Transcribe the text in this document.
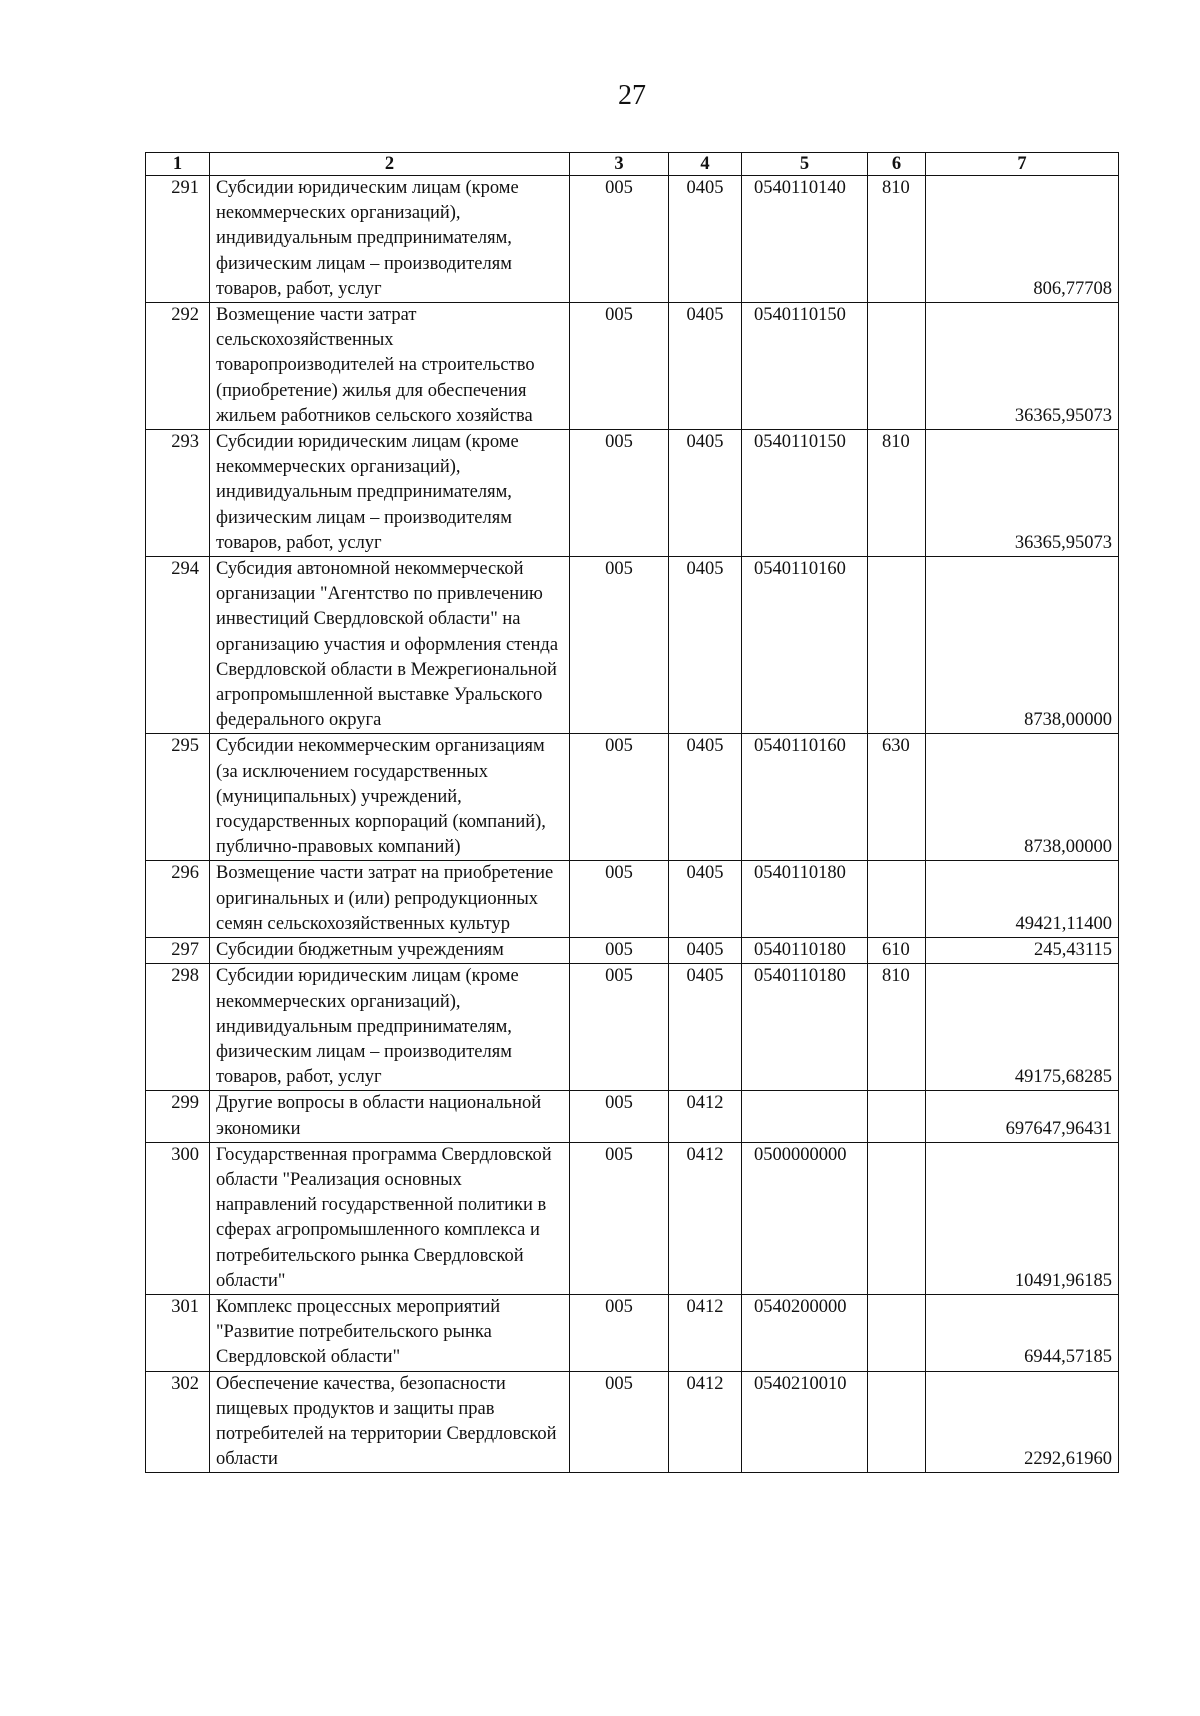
27
1	2	3	4	5	6	7
291	Субсидии юридическим лицам (кроме некоммерческих организаций), индивидуальным предпринимателям, физическим лицам – производителям товаров, работ, услуг	005	0405	0540110140	810	806,77708
292	Возмещение части затрат сельскохозяйственных товаропроизводителей на строительство (приобретение) жилья для обеспечения жильем работников сельского хозяйства	005	0405	0540110150		36365,95073
293	Субсидии юридическим лицам (кроме некоммерческих организаций), индивидуальным предпринимателям, физическим лицам – производителям товаров, работ, услуг	005	0405	0540110150	810	36365,95073
294	Субсидия автономной некоммерческой организации "Агентство по привлечению инвестиций Свердловской области" на организацию участия и оформления стенда Свердловской области в Межрегиональной агропромышленной выставке Уральского федерального округа	005	0405	0540110160		8738,00000
295	Субсидии некоммерческим организациям (за исключением государственных (муниципальных) учреждений, государственных корпораций (компаний), публично-правовых компаний)	005	0405	0540110160	630	8738,00000
296	Возмещение части затрат на приобретение оригинальных и (или) репродукционных семян сельскохозяйственных культур	005	0405	0540110180		49421,11400
297	Субсидии бюджетным учреждениям	005	0405	0540110180	610	245,43115
298	Субсидии юридическим лицам (кроме некоммерческих организаций), индивидуальным предпринимателям, физическим лицам – производителям товаров, работ, услуг	005	0405	0540110180	810	49175,68285
299	Другие вопросы в области национальной экономики	005	0412			697647,96431
300	Государственная программа Свердловской области "Реализация основных направлений государственной политики в сферах агропромышленного комплекса и потребительского рынка Свердловской области"	005	0412	0500000000		10491,96185
301	Комплекс процессных мероприятий "Развитие потребительского рынка Свердловской области"	005	0412	0540200000		6944,57185
302	Обеспечение качества, безопасности пищевых продуктов и защиты прав потребителей на территории Свердловской области	005	0412	0540210010		2292,61960
